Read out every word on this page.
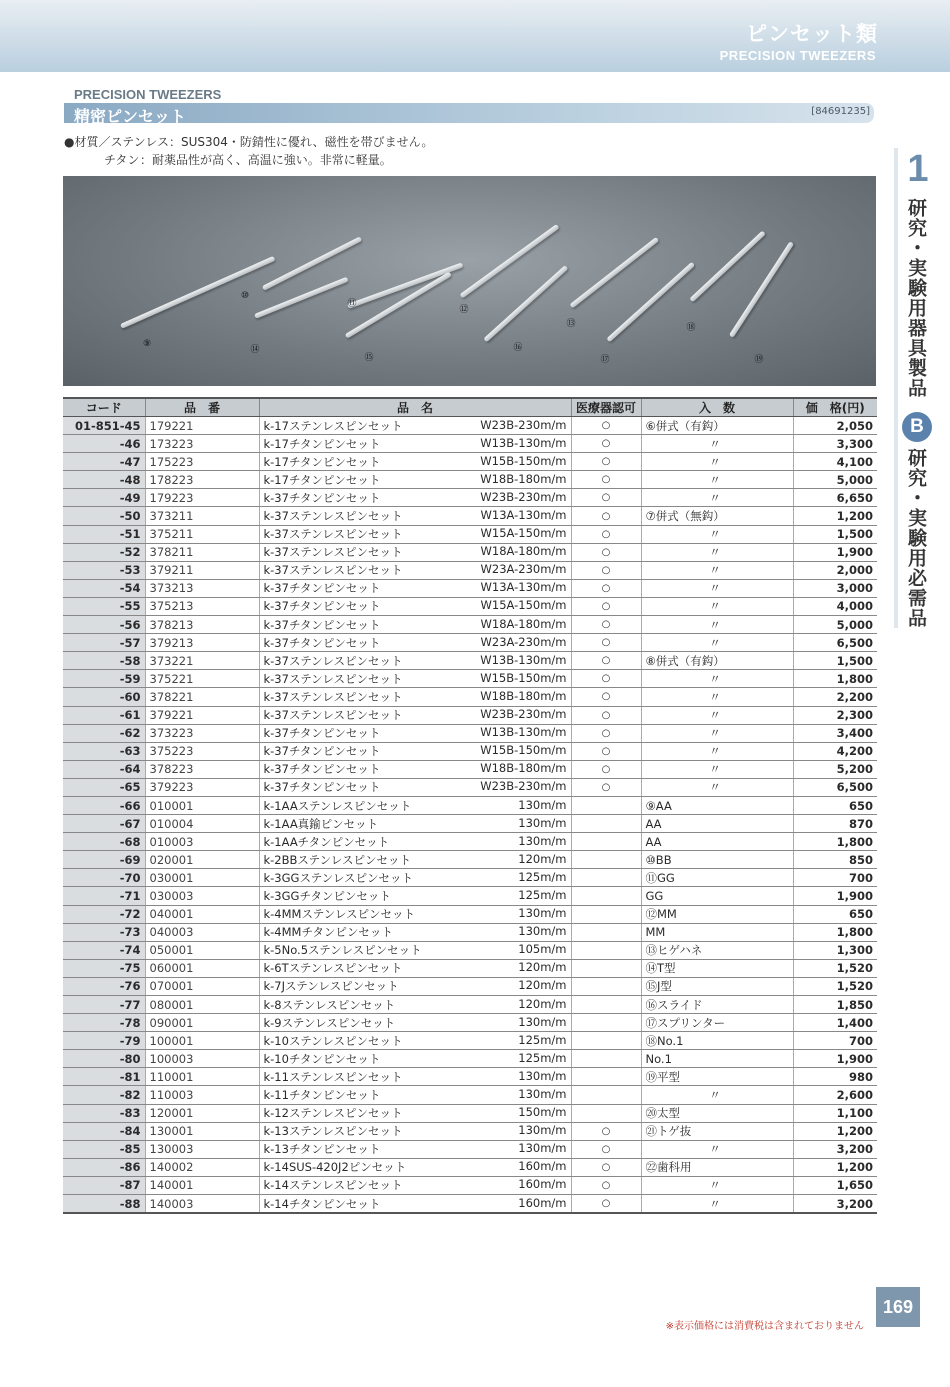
ピンセット類
PRECISION TWEEZERS
PRECISION TWEEZERS
精密ピンセット	[84691235]
●材質／ステンレス：SUS304・防錆性に優れ、磁性を帯びません。
チタン：耐薬品性が高く、高温に強い。非常に軽量。
⑨
⑩
⑪
⑫
⑬
⑭
⑮
⑯
⑰
⑱
⑲
1
研究・実験用器具製品
B
研究・実験用必需品
コード	品　番	品　名	医療器認可	入　数	価　格(円)
01-851-45	179221	k-17ステンレスピンセット W23B-230m/m	○	⑥併式（有鈎）	2,050
-46	173223	k-17チタンピンセット W13B-130m/m	○	〃	3,300
-47	175223	k-17チタンピンセット W15B-150m/m	○	〃	4,100
-48	178223	k-17チタンピンセット W18B-180m/m	○	〃	5,000
-49	179223	k-37チタンピンセット W23B-230m/m	○	〃	6,650
-50	373211	k-37ステンレスピンセット W13A-130m/m	○	⑦併式（無鈎）	1,200
-51	375211	k-37ステンレスピンセット W15A-150m/m	○	〃	1,500
-52	378211	k-37ステンレスピンセット W18A-180m/m	○	〃	1,900
-53	379211	k-37ステンレスピンセット W23A-230m/m	○	〃	2,000
-54	373213	k-37チタンピンセット W13A-130m/m	○	〃	3,000
-55	375213	k-37チタンピンセット W15A-150m/m	○	〃	4,000
-56	378213	k-37チタンピンセット W18A-180m/m	○	〃	5,000
-57	379213	k-37チタンピンセット W23A-230m/m	○	〃	6,500
-58	373221	k-37ステンレスピンセット W13B-130m/m	○	⑧併式（有鈎）	1,500
-59	375221	k-37ステンレスピンセット W15B-150m/m	○	〃	1,800
-60	378221	k-37ステンレスピンセット W18B-180m/m	○	〃	2,200
-61	379221	k-37ステンレスピンセット W23B-230m/m	○	〃	2,300
-62	373223	k-37チタンピンセット W13B-130m/m	○	〃	3,400
-63	375223	k-37チタンピンセット W15B-150m/m	○	〃	4,200
-64	378223	k-37チタンピンセット W18B-180m/m	○	〃	5,200
-65	379223	k-37チタンピンセット W23B-230m/m	○	〃	6,500
-66	010001	k-1AAステンレスピンセット 130m/m		⑨AA	650
-67	010004	k-1AA真鍮ピンセット 130m/m		AA	870
-68	010003	k-1AAチタンピンセット 130m/m		AA	1,800
-69	020001	k-2BBステンレスピンセット 120m/m		⑩BB	850
-70	030001	k-3GGステンレスピンセット 125m/m		⑪GG	700
-71	030003	k-3GGチタンピンセット 125m/m		GG	1,900
-72	040001	k-4MMステンレスピンセット 130m/m		⑫MM	650
-73	040003	k-4MMチタンピンセット 130m/m		MM	1,800
-74	050001	k-5No.5ステンレスピンセット 105m/m		⑬ヒゲハネ	1,300
-75	060001	k-6Tステンレスピンセット 120m/m		⑭T型	1,520
-76	070001	k-7Jステンレスピンセット 120m/m		⑮J型	1,520
-77	080001	k-8ステンレスピンセット 120m/m		⑯スライド	1,850
-78	090001	k-9ステンレスピンセット 130m/m		⑰スプリンター	1,400
-79	100001	k-10ステンレスピンセット 125m/m		⑱No.1	700
-80	100003	k-10チタンピンセット 125m/m		No.1	1,900
-81	110001	k-11ステンレスピンセット 130m/m		⑲平型	980
-82	110003	k-11チタンピンセット 130m/m		〃	2,600
-83	120001	k-12ステンレスピンセット 150m/m		⑳太型	1,100
-84	130001	k-13ステンレスピンセット 130m/m	○	㉑トゲ抜	1,200
-85	130003	k-13チタンピンセット 130m/m	○	〃	3,200
-86	140002	k-14SUS-420J2ピンセット 160m/m	○	㉒歯科用	1,200
-87	140001	k-14ステンレスピンセット 160m/m	○	〃	1,650
-88	140003	k-14チタンピンセット 160m/m	○	〃	3,200
169
※表示価格には消費税は含まれておりません
